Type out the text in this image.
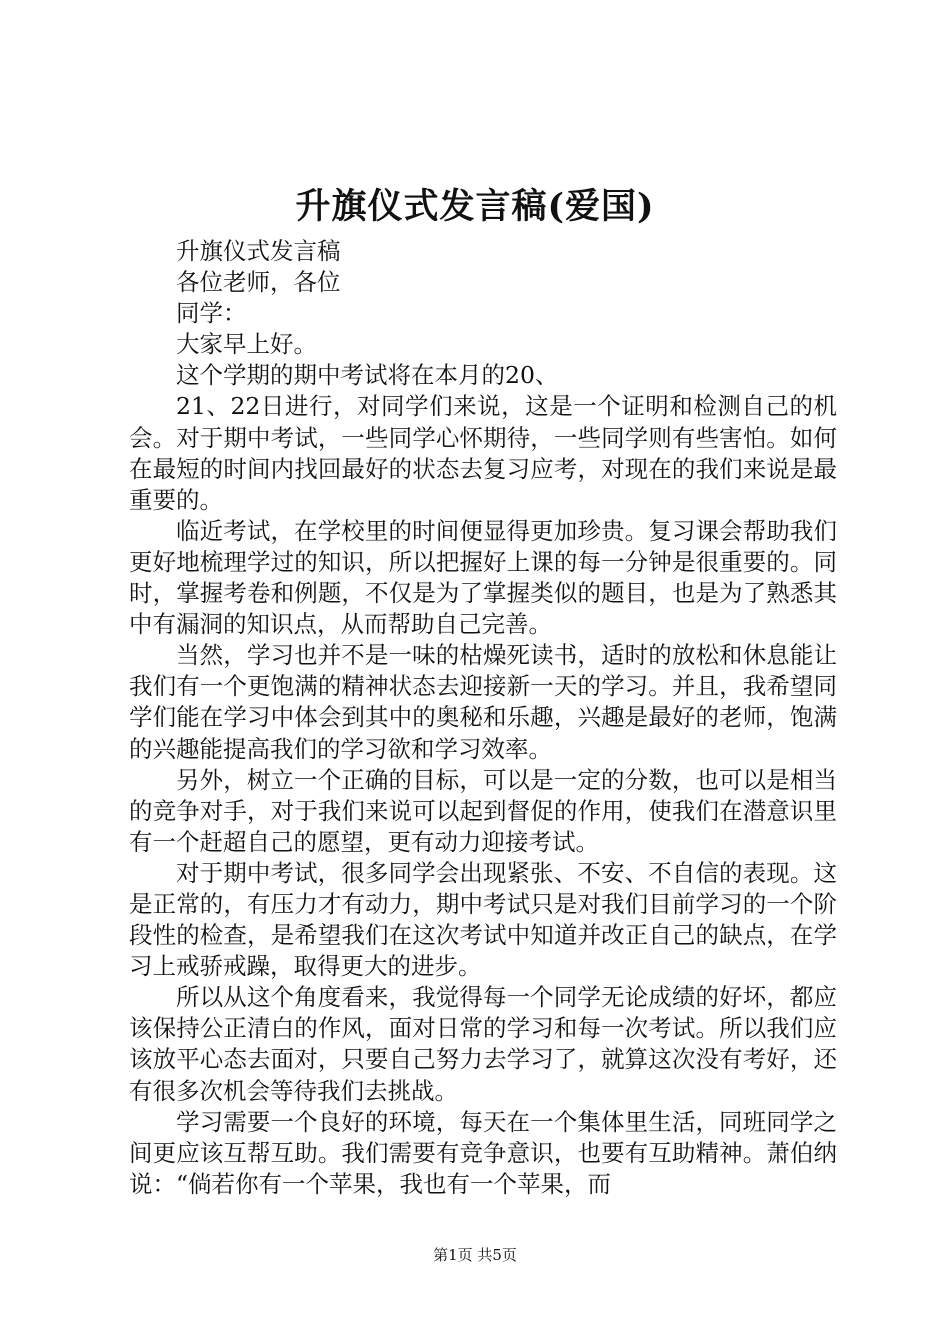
升旗仪式发言稿(爱国)

升旗仪式发言稿

各位老师，各位

同学：

大家早上好。

这个学期的期中考试将在本月的20、

21、22日进行，对同学们来说，这是一个证明和检测自己的机会。对于期中考试，一些同学心怀期待，一些同学则有些害怕。如何在最短的时间内找回最好的状态去复习应考，对现在的我们来说是最重要的。

临近考试，在学校里的时间便显得更加珍贵。复习课会帮助我们更好地梳理学过的知识，所以把握好上课的每一分钟是很重要的。同时，掌握考卷和例题，不仅是为了掌握类似的题目，也是为了熟悉其中有漏洞的知识点，从而帮助自己完善。

当然，学习也并不是一味的枯燥死读书，适时的放松和休息能让我们有一个更饱满的精神状态去迎接新一天的学习。并且，我希望同学们能在学习中体会到其中的奥秘和乐趣，兴趣是最好的老师，饱满的兴趣能提高我们的学习欲和学习效率。

另外，树立一个正确的目标，可以是一定的分数，也可以是相当的竞争对手，对于我们来说可以起到督促的作用，使我们在潜意识里有一个赶超自己的愿望，更有动力迎接考试。

对于期中考试，很多同学会出现紧张、不安、不自信的表现。这是正常的，有压力才有动力，期中考试只是对我们目前学习的一个阶段性的检查，是希望我们在这次考试中知道并改正自己的缺点，在学习上戒骄戒躁，取得更大的进步。

所以从这个角度看来，我觉得每一个同学无论成绩的好坏，都应该保持公正清白的作风，面对日常的学习和每一次考试。所以我们应该放平心态去面对，只要自己努力去学习了，就算这次没有考好，还有很多次机会等待我们去挑战。

学习需要一个良好的环境，每天在一个集体里生活，同班同学之间更应该互帮互助。我们需要有竞争意识，也要有互助精神。萧伯纳说：“倘若你有一个苹果，我也有一个苹果，而

第1页 共5页
